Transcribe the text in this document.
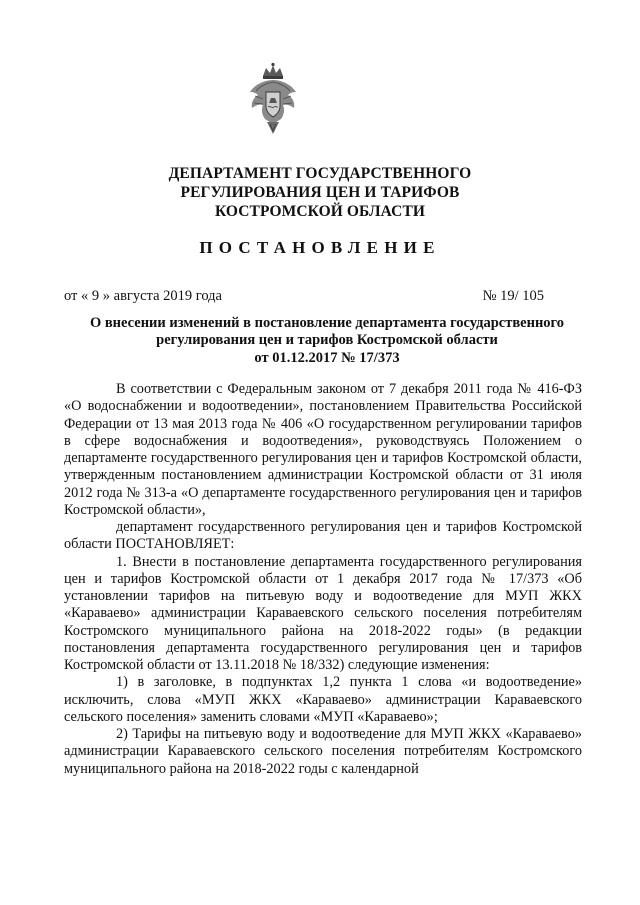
ДЕПАРТАМЕНТ ГОСУДАРСТВЕННОГО
РЕГУЛИРОВАНИЯ ЦЕН И ТАРИФОВ
КОСТРОМСКОЙ ОБЛАСТИ
ПОСТАНОВЛЕНИЕ
от « 9 » августа 2019 года	№ 19/ 105
О внесении изменений в постановление департамента государственного
регулирования цен и тарифов Костромской области
от 01.12.2017 № 17/373

В соответствии с Федеральным законом от 7 декабря 2011 года № 416-ФЗ «О водоснабжении и водоотведении», постановлением Правительства Российской Федерации от 13 мая 2013 года № 406 «О государственном регулировании тарифов в сфере водоснабжения и водоотведения», руководствуясь Положением о департаменте государственного регулирования цен и тарифов Костромской области, утвержденным постановлением администрации Костромской области от 31 июля 2012 года № 313-а «О департаменте государственного регулирования цен и тарифов Костромской области»,

департамент государственного регулирования цен и тарифов Костромской области ПОСТАНОВЛЯЕТ:

1. Внести в постановление департамента государственного регулирования цен и тарифов Костромской области от 1 декабря 2017 года № 17/373 «Об установлении тарифов на питьевую воду и водоотведение для МУП ЖКХ «Караваево» администрации Караваевского сельского поселения потребителям Костромского муниципального района на 2018-2022 годы» (в редакции постановления департамента государственного регулирования цен и тарифов Костромской области от 13.11.2018 № 18/332) следующие изменения:

1) в заголовке, в подпунктах 1,2 пункта 1 слова «и водоотведение» исключить, слова «МУП ЖКХ «Караваево» администрации Караваевского сельского поселения» заменить словами «МУП «Караваево»;

2) Тарифы на питьевую воду и водоотведение для МУП ЖКХ «Караваево» администрации Караваевского сельского поселения потребителям Костромского муниципального района на 2018-2022 годы с календарной
